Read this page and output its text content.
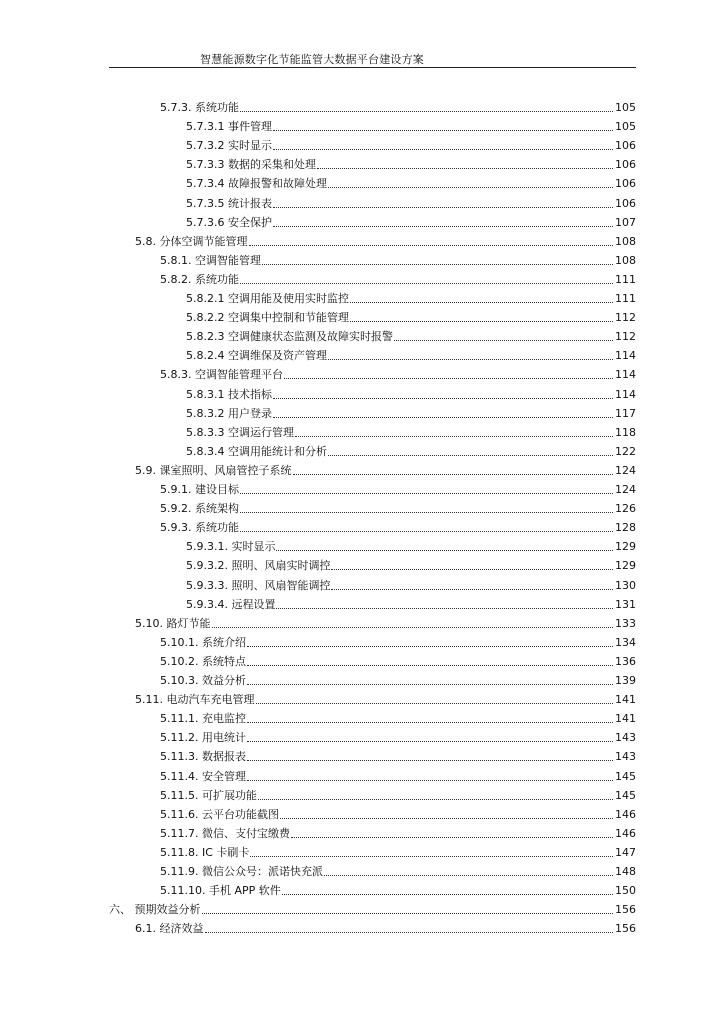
智慧能源数字化节能监管大数据平台建设方案
5.7.3. 系统功能	105
5.7.3.1 事件管理	105
5.7.3.2 实时显示	106
5.7.3.3 数据的采集和处理	106
5.7.3.4 故障报警和故障处理	106
5.7.3.5 统计报表	106
5.7.3.6 安全保护	107
5.8. 分体空调节能管理	108
5.8.1. 空调智能管理	108
5.8.2. 系统功能	111
5.8.2.1 空调用能及使用实时监控	111
5.8.2.2 空调集中控制和节能管理	112
5.8.2.3 空调健康状态监测及故障实时报警	112
5.8.2.4 空调维保及资产管理	114
5.8.3. 空调智能管理平台	114
5.8.3.1 技术指标	114
5.8.3.2 用户登录	117
5.8.3.3 空调运行管理	118
5.8.3.4 空调用能统计和分析	122
5.9. 课室照明、风扇管控子系统	124
5.9.1. 建设目标	124
5.9.2. 系统架构	126
5.9.3. 系统功能	128
5.9.3.1. 实时显示	129
5.9.3.2. 照明、风扇实时调控	129
5.9.3.3. 照明、风扇智能调控	130
5.9.3.4. 远程设置	131
5.10. 路灯节能	133
5.10.1. 系统介绍	134
5.10.2. 系统特点	136
5.10.3. 效益分析	139
5.11. 电动汽车充电管理	141
5.11.1. 充电监控	141
5.11.2. 用电统计	143
5.11.3. 数据报表	143
5.11.4. 安全管理	145
5.11.5. 可扩展功能	145
5.11.6. 云平台功能截图	146
5.11.7. 微信、支付宝缴费	146
5.11.8. IC 卡刷卡	147
5.11.9. 微信公众号：派诺快充派	148
5.11.10. 手机 APP 软件	150
六、 预期效益分析	156
6.1. 经济效益	156
